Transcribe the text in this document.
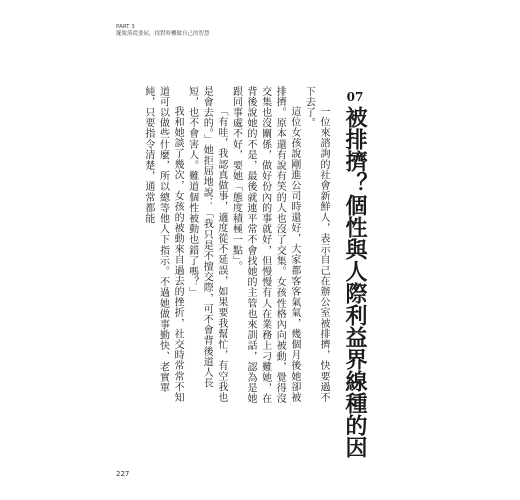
PART 3
擺脫落從委屈，找對時機做自己的智慧
07
被排擠？個性與人際利益界線種的因

一位來諮詢的社會新鮮人，表示自己在辦公室被排擠，快要過不下去了。

這位女孩說剛進公司時還好，大家都客客氣氣，幾個月後她卻被排擠。原本還有說有笑的人也沒了交集。女孩性格內向被動，覺得沒交集也沒關係，做好份內的事就好，但慢慢有人在業務上刁難她，在背後說她的不是，最後就連平常不會找她的主管也來訓話，認為是她跟同事處不好，要她「態度積極一點」。

「有哇，我認真做事，適度從不延誤，如果要我幫忙，有空我也是會去的。」她拒屈地說：「我只是不擅交際，可不會背後道人長短，也不會害人。難道個性被動也錯了嗎？」

我和她談了幾次，女孩的被動來自過去的挫折，社交時常常不知道可以做些什麼，所以總等他人下指示。不過她做事勤快、老實單純，只要指令清楚，通常都能

227
